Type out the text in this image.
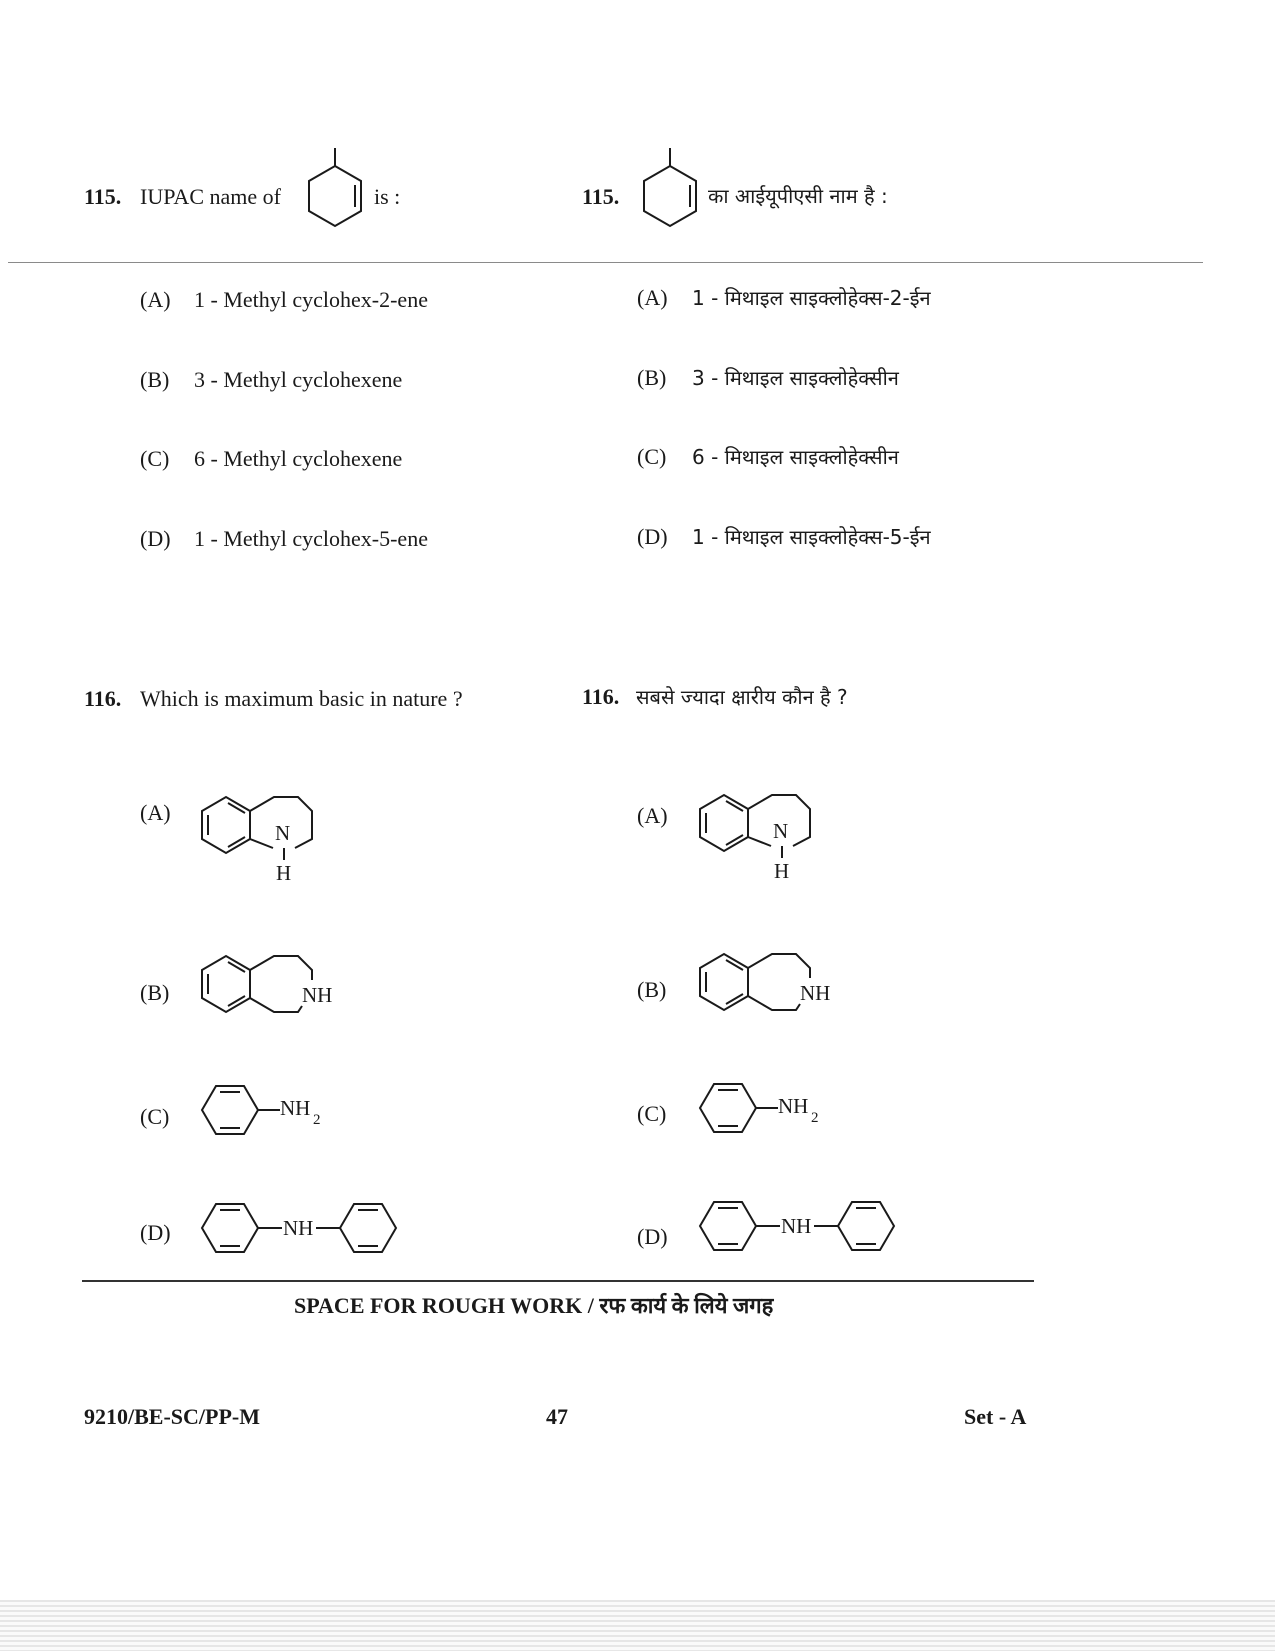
115. IUPAC name of	is :	115.	का आईयूपीएसी नाम है :
(A) 1 - Methyl cyclohex-2-ene
(B) 3 - Methyl cyclohexene
(C) 6 - Methyl cyclohexene
(D) 1 - Methyl cyclohex-5-ene
(A) 1 - मिथाइल साइक्लोहेक्स-2-ईन
(B) 3 - मिथाइल साइक्लोहेक्सीन
(C) 6 - मिथाइल साइक्लोहेक्सीन
(D) 1 - मिथाइल साइक्लोहेक्स-5-ईन
116. Which is maximum basic in nature ?	116. सबसे ज्यादा क्षारीय कौन है ?
(A)
N
H
(A)
N
H
(B)	NH	(B)	NH
(C)	NH 2	(C)	NH 2
(D)	NH	(D)	NH
SPACE FOR ROUGH WORK / रफ कार्य के लिये जगह
9210/BE-SC/PP-M	47	Set - A
